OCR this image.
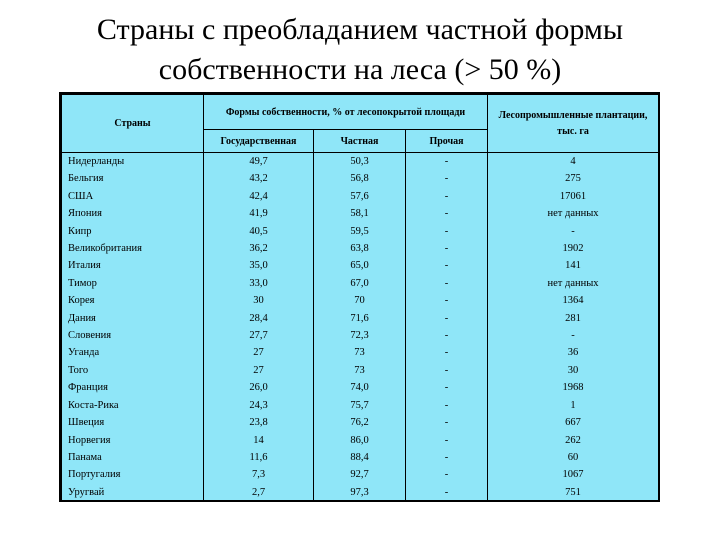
Страны с преобладанием частной формы
собственности на леса (> 50 %)
Страны	Формы собственности, % от лесопокрытой площади			Лесопромышленные плантации, тыс. га
	Государственная	Частная	Прочая	
Нидерланды	49,7	50,3	-	4
Бельгия	43,2	56,8	-	275
США	42,4	57,6	-	17061
Япония	41,9	58,1	-	нет данных
Кипр	40,5	59,5	-	-
Великобритания	36,2	63,8	-	1902
Италия	35,0	65,0	-	141
Тимор	33,0	67,0	-	нет данных
Корея	30	70	-	1364
Дания	28,4	71,6	-	281
Словения	27,7	72,3	-	-
Уганда	27	73	-	36
Того	27	73	-	30
Франция	26,0	74,0	-	1968
Коста-Рика	24,3	75,7	-	1
Швеция	23,8	76,2	-	667
Норвегия	14	86,0	-	262
Панама	11,6	88,4	-	60
Португалия	7,3	92,7	-	1067
Уругвай	2,7	97,3	-	751
